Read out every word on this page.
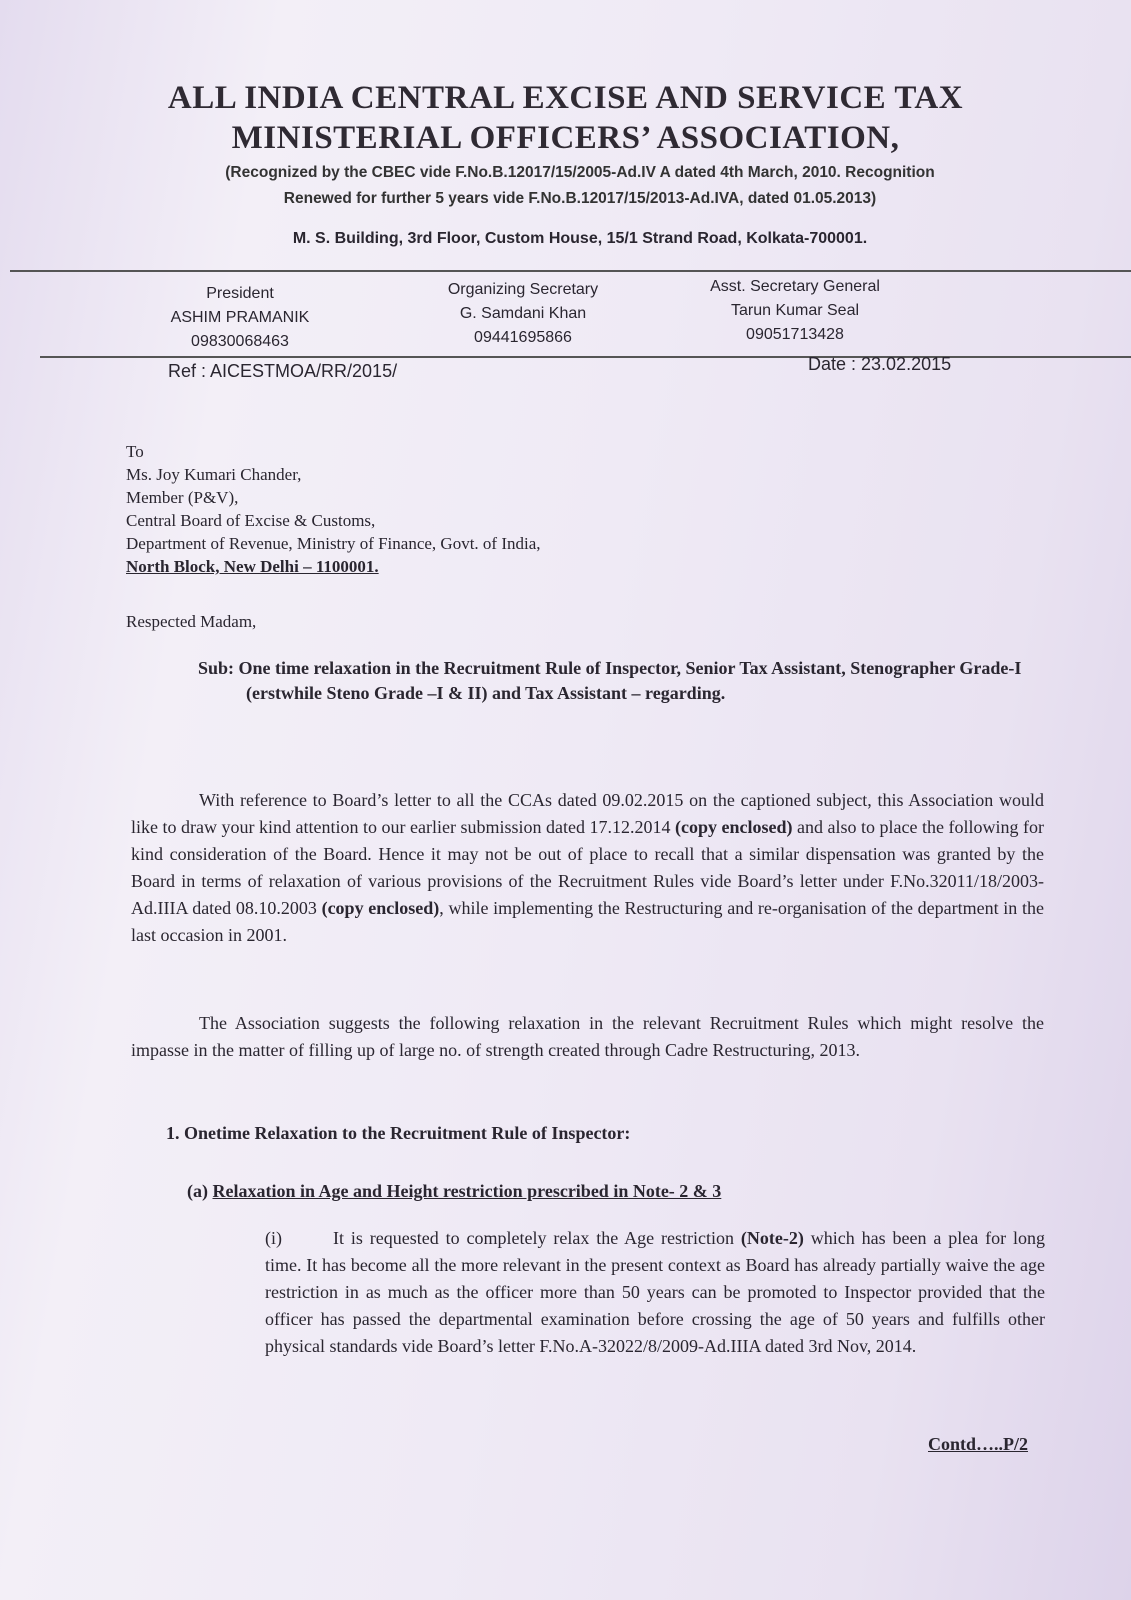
ALL INDIA CENTRAL EXCISE AND SERVICE TAX
MINISTERIAL OFFICERS’ ASSOCIATION,
(Recognized by the CBEC vide F.No.B.12017/15/2005-Ad.IV A dated 4th March, 2010. Recognition
Renewed for further 5 years vide F.No.B.12017/15/2013-Ad.IVA, dated 01.05.2013)
M. S. Building, 3rd Floor, Custom House, 15/1 Strand Road, Kolkata-700001.
President
ASHIM PRAMANIK
09830068463
Organizing Secretary
G. Samdani Khan
09441695866
Asst. Secretary General
Tarun Kumar Seal
09051713428
Ref : AICESTMOA/RR/2015/	Date : 23.02.2015
To
Ms. Joy Kumari Chander,
Member (P&V),
Central Board of Excise & Customs,
Department of Revenue, Ministry of Finance, Govt. of India,
North Block, New Delhi – 1100001.
Respected Madam,
Sub: One time relaxation in the Recruitment Rule of Inspector, Senior Tax Assistant, Stenographer Grade-I (erstwhile Steno Grade –I & II) and Tax Assistant – regarding.

With reference to Board’s letter to all the CCAs dated 09.02.2015 on the captioned subject, this Association would like to draw your kind attention to our earlier submission dated 17.12.2014 (copy enclosed) and also to place the following for kind consideration of the Board. Hence it may not be out of place to recall that a similar dispensation was granted by the Board in terms of relaxation of various provisions of the Recruitment Rules vide Board’s letter under F.No.32011/18/2003-Ad.IIIA dated 08.10.2003 (copy enclosed), while implementing the Restructuring and re-organisation of the department in the last occasion in 2001.

The Association suggests the following relaxation in the relevant Recruitment Rules which might resolve the impasse in the matter of filling up of large no. of strength created through Cadre Restructuring, 2013.

1. Onetime Relaxation to the Recruitment Rule of Inspector:
(a) Relaxation in Age and Height restriction prescribed in Note- 2 & 3
(i)	It is requested to completely relax the Age restriction (Note-2) which has been a plea for long time. It has become all the more relevant in the present context as Board has already partially waive the age restriction in as much as the officer more than 50 years can be promoted to Inspector provided that the officer has passed the departmental examination before crossing the age of 50 years and fulfills other physical standards vide Board’s letter F.No.A-32022/8/2009-Ad.IIIA dated 3rd Nov, 2014.

Contd…..P/2
